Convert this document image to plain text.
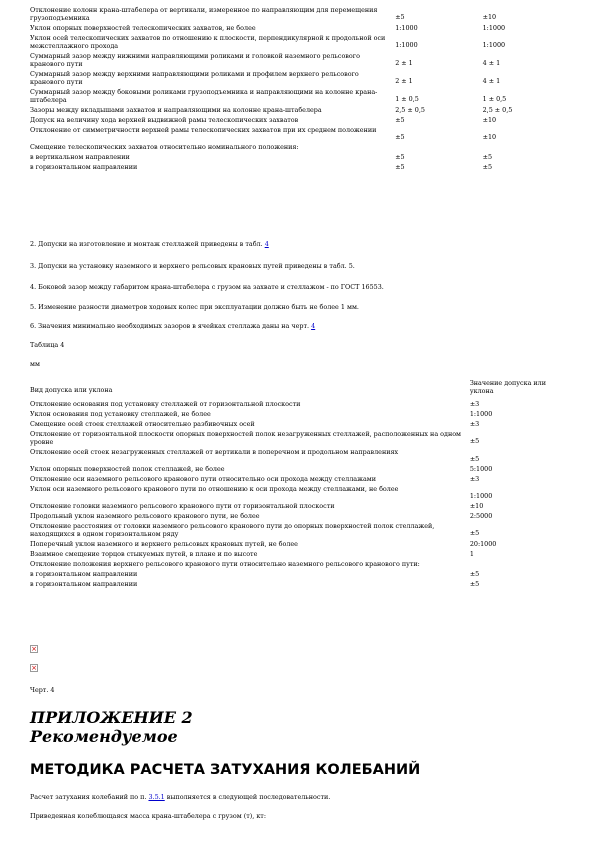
Отклонение колонн крана-штабелера от вертикали, измеренное по направляющим для перемещения грузоподъемника	±5	±10
Уклон опорных поверхностей телескопических захватов, не более	1:1000	1:1000
Уклон осей телескопических захватов по отношению к плоскости, перпендикулярной к продольной оси межстеллажного прохода	1:1000	1:1000
Суммарный зазор между нижними направляющими роликами и головкой наземного рельсового кранового пути	2 ± 1	4 ± 1
Суммарный зазор между верхними направляющими роликами и профилем верхнего рельсового кранового пути	2 ± 1	4 ± 1
Суммарный зазор между боковыми роликами грузоподъемника и направляющими на колонне крана-штабелера	1 ± 0,5	1 ± 0,5
Зазоры между вкладышами захватов и направляющими на колонне крана-штабелера	2,5 ± 0,5	2,5 ± 0,5
Допуск на величину хода верхней выдвижной рамы телескопических захватов	±5	±10
Отклонение от симметричности верхней рамы телескопических захватов при их среднем положении	±5	±10
Смещение телескопических захватов относительно номинального положения:		
в вертикальном направлении	±5	±5
в горизонтальном направлении	±5	±5
2. Допуски на изготовление и монтаж стеллажей приведены в табл. 4
3. Допуски на установку наземного и верхнего рельсовых крановых путей приведены в табл. 5.
4. Боковой зазор между габаритом крана-штабелера с грузом на захвате и стеллажом - по ГОСТ 16553.
5. Изменение разности диаметров ходовых колес при эксплуатации должно быть не более 1 мм.
6. Значения минимально необходимых зазоров в ячейках стеллажа даны на черт. 4
Таблица 4
мм
Вид допуска или уклона	Значение допуска или уклона
Отклонение основания под установку стеллажей от горизонтальной плоскости	±3
Уклон основания под установку стеллажей, не более	1:1000
Смещение осей стоек стеллажей относительно разбивочных осей	±3
Отклонение от горизонтальной плоскости опорных поверхностей полок незагруженных стеллажей, расположенных на одном уровне	±5
Отклонение осей стоек незагруженных стеллажей от вертикали в поперечном и продольном направлениях	±5
Уклон опорных поверхностей полок стеллажей, не более	5:1000
Отклонение оси наземного рельсового кранового пути относительно оси прохода между стеллажами	±3
Уклон оси наземного рельсового кранового пути по отношению к оси прохода между стеллажами, не более	1:1000
Отклонение головки наземного рельсового кранового пути от горизонтальной плоскости	±10
Продольный уклон наземного рельсового кранового пути, не более	2:5000
Отклонение расстояния от головки наземного рельсового кранового пути до опорных поверхностей полок стеллажей, находящихся в одном горизонтальном ряду	±5
Поперечный уклон наземного и верхнего рельсовых крановых путей, не более	20:1000
Взаимное смещение торцов стыкуемых путей, в плане и по высоте	1
Отклонение положения верхнего рельсового кранового пути относительно наземного рельсового кранового пути:	
в горизонтальном направлении	±5
в горизонтальном направлении	±5
×
×
Черт. 4
ПРИЛОЖЕНИЕ 2
Рекомендуемое
МЕТОДИКА РАСЧЕТА ЗАТУХАНИЯ КОЛЕБАНИЙ
Расчет затухания колебаний по п. 3.5.1 выполняется в следующей последовательности.
Приведенная колеблющаяся масса крана-штабелера с грузом (т), кт:
